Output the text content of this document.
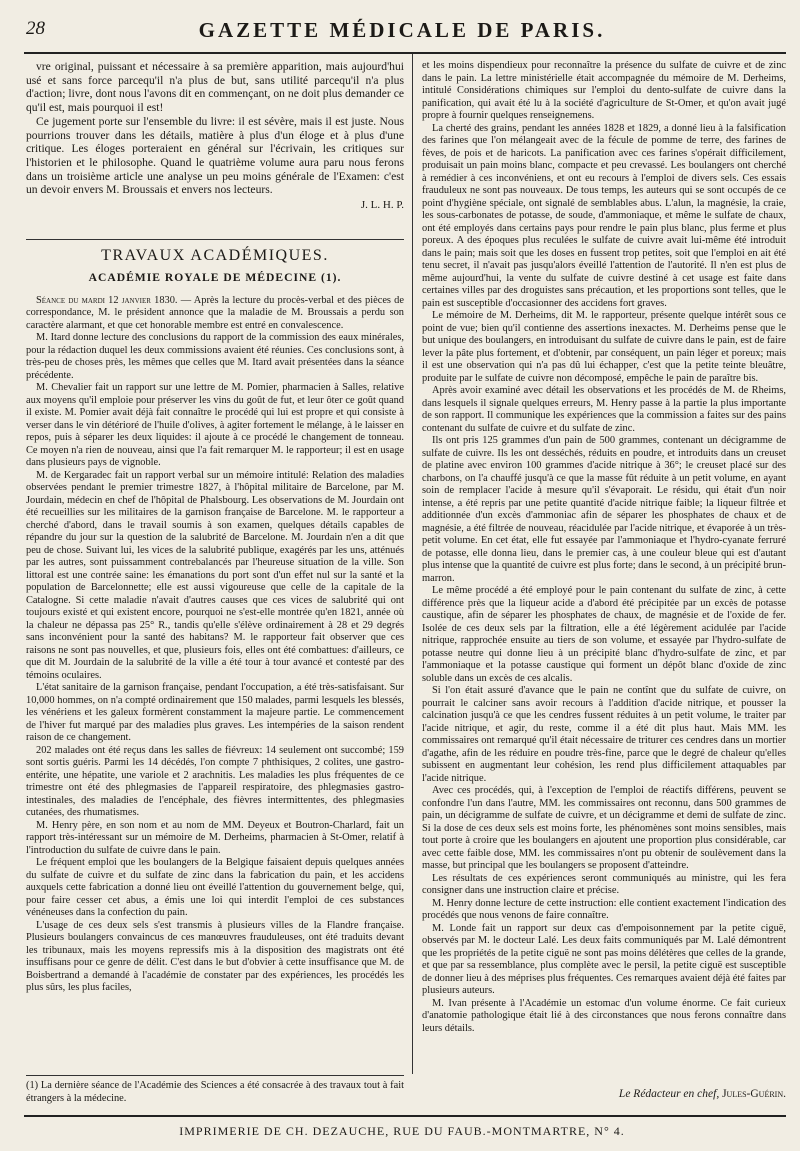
28	GAZETTE MÉDICALE DE PARIS.

vre original, puissant et nécessaire à sa première apparition, mais aujourd'hui usé et sans force parcequ'il n'a plus de but, sans utilité parcequ'il n'a plus d'action; livre, dont nous l'avons dit en commençant, on ne doit plus demander ce qu'il est, mais pourquoi il est!

Ce jugement porte sur l'ensemble du livre: il est sévère, mais il est juste. Nous pourrions trouver dans les détails, matière à plus d'un éloge et à plus d'une critique. Les éloges porteraient en général sur l'écrivain, les critiques sur l'historien et le philosophe. Quand le quatrième volume aura paru nous ferons dans un troisième article une analyse un peu moins générale de l'Examen: c'est un devoir envers M. Broussais et envers nos lecteurs.

J. L. H. P.
TRAVAUX ACADÉMIQUES.
ACADÉMIE ROYALE DE MÉDECINE (1).

Séance du mardi 12 janvier 1830. — Après la lecture du procès-verbal et des pièces de correspondance, M. le président annonce que la maladie de M. Broussais a perdu son caractère alarmant, et que cet honorable membre est entré en convalescence.

M. Itard donne lecture des conclusions du rapport de la commission des eaux minérales, pour la rédaction duquel les deux commissions avaient été réunies. Ces conclusions sont, à très-peu de choses près, les mêmes que celles que M. Itard avait présentées dans la séance précédente.

M. Chevalier fait un rapport sur une lettre de M. Pomier, pharmacien à Salles, relative aux moyens qu'il emploie pour préserver les vins du goût de fut, et leur ôter ce goût quand il existe. M. Pomier avait déjà fait connaître le procédé qui lui est propre et qui consiste à verser dans le vin détérioré de l'huile d'olives, à agiter fortement le mélange, à le laisser en repos, puis à séparer les deux liquides: il ajoute à ce procédé le changement de tonneau. Ce moyen n'a rien de nouveau, ainsi que l'a fait remarquer M. le rapporteur; il est en usage dans plusieurs pays de vignoble.

M. de Kergaradec fait un rapport verbal sur un mémoire intitulé: Relation des maladies observées pendant le premier trimestre 1827, à l'hôpital militaire de Barcelone, par M. Jourdain, médecin en chef de l'hôpital de Phalsbourg. Les observations de M. Jourdain ont été recueillies sur les militaires de la garnison française de Barcelone. M. le rapporteur a cherché d'abord, dans le travail soumis à son examen, quelques détails capables de répandre du jour sur la question de la salubrité de Barcelone. M. Jourdain n'en a dit que peu de chose. Suivant lui, les vices de la salubrité publique, exagérés par les uns, atténués par les autres, sont puissamment contrebalancés par l'heureuse situation de la ville. Son littoral est une contrée saine: les émanations du port sont d'un effet nul sur la santé et la population de Barcelonnette; elle est aussi vigoureuse que celle de la capitale de la Catalogne. Si cette maladie n'avait d'autres causes que ces vices de salubrité qui ont toujours existé et qui existent encore, pourquoi ne s'est-elle montrée qu'en 1821, année où la chaleur ne dépassa pas 25° R., tandis qu'elle s'élève ordinairement à 28 et 29 degrés sans inconvénient pour la santé des habitans? M. le rapporteur fait observer que ces raisons ne sont pas nouvelles, et que, plusieurs fois, elles ont été combattues: d'ailleurs, ce que dit M. Jourdain de la salubrité de la ville a été tour à tour avancé et contesté par des témoins oculaires.

L'état sanitaire de la garnison française, pendant l'occupation, a été très-satisfaisant. Sur 10,000 hommes, on n'a compté ordinairement que 150 malades, parmi lesquels les blessés, les vénériens et les galeux formèrent constamment la majeure partie. Le commencement de l'hiver fut marqué par des maladies plus graves. Les intempéries de la saison rendent raison de ce changement.

202 malades ont été reçus dans les salles de fiévreux: 14 seulement ont succombé; 159 sont sortis guéris. Parmi les 14 décédés, l'on compte 7 phthisiques, 2 colites, une gastro-entérite, une hépatite, une variole et 2 arachnitis. Les maladies les plus fréquentes de ce trimestre ont été des phlegmasies de l'appareil respiratoire, des phlegmasies gastro-intestinales, des maladies de l'encéphale, des fièvres intermittentes, des phlegmasies cutanées, des rhumatismes.

M. Henry père, en son nom et au nom de MM. Deyeux et Boutron-Charlard, fait un rapport très-intéressant sur un mémoire de M. Derheims, pharmacien à St-Omer, relatif à l'introduction du sulfate de cuivre dans le pain.

Le fréquent emploi que les boulangers de la Belgique faisaient depuis quelques années du sulfate de cuivre et du sulfate de zinc dans la fabrication du pain, et les accidens auxquels cette fabrication a donné lieu ont éveillé l'attention du gouvernement belge, qui, pour faire cesser cet abus, a émis une loi qui interdit l'emploi de ces substances vénéneuses dans la confection du pain.

L'usage de ces deux sels s'est transmis à plusieurs villes de la Flandre française. Plusieurs boulangers convaincus de ces manœuvres frauduleuses, ont été traduits devant les tribunaux, mais les moyens repressifs mis à la disposition des magistrats ont été insuffisans pour ce genre de délit. C'est dans le but d'obvier à cette insuffisance que M. de Boisbertrand a demandé à l'académie de constater par des expériences, les procédés les plus sûrs, les plus faciles,

et les moins dispendieux pour reconnaître la présence du sulfate de cuivre et de zinc dans le pain. La lettre ministérielle était accompagnée du mémoire de M. Derheims, intitulé Considérations chimiques sur l'emploi du dento-sulfate de cuivre dans la panification, qui avait été lu à la société d'agriculture de St-Omer, et qu'on avait jugé propre à fournir quelques renseignemens.

La cherté des grains, pendant les années 1828 et 1829, a donné lieu à la falsification des farines que l'on mélangeait avec de la fécule de pomme de terre, des farines de fèves, de pois et de haricots. La panification avec ces farines s'opérait difficilement, produisait un pain moins blanc, compacte et peu crevassé. Les boulangers ont cherché à remédier à ces inconvéniens, et ont eu recours à l'emploi de divers sels. Ces essais frauduleux ne sont pas nouveaux. De tous temps, les auteurs qui se sont occupés de ce point d'hygiène spéciale, ont signalé de semblables abus. L'alun, la magnésie, la craie, les sous-carbonates de potasse, de soude, d'ammoniaque, et même le sulfate de chaux, ont été employés dans certains pays pour rendre le pain plus blanc, plus ferme et plus poreux. A des époques plus reculées le sulfate de cuivre avait lui-même été introduit dans le pain; mais soit que les doses en fussent trop petites, soit que l'emploi en ait été tenu secret, il n'avait pas jusqu'alors éveillé l'attention de l'autorité. Il n'en est plus de même aujourd'hui, la vente du sulfate de cuivre destiné à cet usage est faite dans certaines villes par des droguistes sans précaution, et les proportions sont telles, que le pain est susceptible d'occasionner des accidens fort graves.

Le mémoire de M. Derheims, dit M. le rapporteur, présente quelque intérêt sous ce point de vue; bien qu'il contienne des assertions inexactes. M. Derheims pense que le but unique des boulangers, en introduisant du sulfate de cuivre dans le pain, est de faire lever la pâte plus fortement, et d'obtenir, par conséquent, un pain léger et poreux; mais il est une observation qui n'a pas dû lui échapper, c'est que la petite teinte bleuâtre, produite par le sulfate de cuivre non décomposé, empêche le pain de paraître bis.

Après avoir examiné avec détail les observations et les procédés de M. de Rheims, dans lesquels il signale quelques erreurs, M. Henry passe à la partie la plus importante de son rapport. Il communique les expériences que la commission a faites sur des pains contenant du sulfate de cuivre et du sulfate de zinc.

Ils ont pris 125 grammes d'un pain de 500 grammes, contenant un décigramme de sulfate de cuivre. Ils les ont desséchés, réduits en poudre, et introduits dans un creuset de platine avec environ 100 grammes d'acide nitrique à 36°; le creuset placé sur des charbons, on l'a chauffé jusqu'à ce que la masse fût réduite à un petit volume, en ayant soin de remplacer l'acide à mesure qu'il s'évaporait. Le résidu, qui était d'un noir intense, a été repris par une petite quantité d'acide nitrique faible; la liqueur filtrée et additionnée d'un excès d'ammoniac afin de séparer les phosphates de chaux et de magnésie, a été filtrée de nouveau, réacidulée par l'acide nitrique, et évaporée à un très-petit volume. En cet état, elle fut essayée par l'ammoniaque et l'hydro-cyanate ferruré de potasse, elle donna lieu, dans le premier cas, à une couleur bleue qui est d'autant plus intense que la quantité de cuivre est plus forte; dans le second, à un précipité brun-marron.

Le même procédé a été employé pour le pain contenant du sulfate de zinc, à cette différence près que la liqueur acide a d'abord été précipitée par un excès de potasse caustique, afin de séparer les phosphates de chaux, de magnésie et de l'oxide de fer. Isolée de ces deux sels par la filtration, elle a été légèrement acidulée par l'acide nitrique, rapprochée ensuite au tiers de son volume, et essayée par l'hydro-sulfate de potasse neutre qui donne lieu à un précipité blanc d'hydro-sulfate de zinc, et par l'ammoniaque et la potasse caustique qui forment un dépôt blanc d'oxide de zinc soluble dans un excès de ces alcalis.

Si l'on était assuré d'avance que le pain ne contînt que du sulfate de cuivre, on pourrait le calciner sans avoir recours à l'addition d'acide nitrique, et pousser la calcination jusqu'à ce que les cendres fussent réduites à un petit volume, le traiter par l'acide nitrique, et agir, du reste, comme il a été dit plus haut. Mais MM. les commissaires ont remarqué qu'il était nécessaire de triturer ces cendres dans un mortier d'agathe, afin de les réduire en poudre très-fine, parce que le degré de chaleur qu'elles subissent en augmentant leur cohésion, les rend plus difficilement attaquables par l'acide nitrique.

Avec ces procédés, qui, à l'exception de l'emploi de réactifs différens, peuvent se confondre l'un dans l'autre, MM. les commissaires ont reconnu, dans 500 grammes de pain, un décigramme de sulfate de cuivre, et un décigramme et demi de sulfate de zinc. Si la dose de ces deux sels est moins forte, les phénomènes sont moins sensibles, mais tout porte à croire que les boulangers en ajoutent une proportion plus considérable, car avec cette faible dose, MM. les commissaires n'ont pu obtenir de soulèvement dans la masse, but principal que les boulangers se proposent d'atteindre.

Les résultats de ces expériences seront communiqués au ministre, qui les fera consigner dans une instruction claire et précise.

M. Henry donne lecture de cette instruction: elle contient exactement l'indication des procédés que nous venons de faire connaître.

M. Londe fait un rapport sur deux cas d'empoisonnement par la petite ciguë, observés par M. le docteur Lalé. Les deux faits communiqués par M. Lalé démontrent que les propriétés de la petite ciguë ne sont pas moins délétères que celles de la grande, et que par sa ressemblance, plus complète avec le persil, la petite ciguë est susceptible de donner lieu à des méprises plus fréquentes. Ces remarques avaient déjà été faites par plusieurs auteurs.

M. Ivan présente à l'Académie un estomac d'un volume énorme. Ce fait curieux d'anatomie pathologique était lié à des circonstances que nous ferons connaître dans leurs détails.

(1) La dernière séance de l'Académie des Sciences a été consacrée à des travaux tout à fait étrangers à la médecine.	Le Rédacteur en chef, Jules-Guérin.
IMPRIMERIE DE CH. DEZAUCHE, RUE DU FAUB.-MONTMARTRE, N° 4.
